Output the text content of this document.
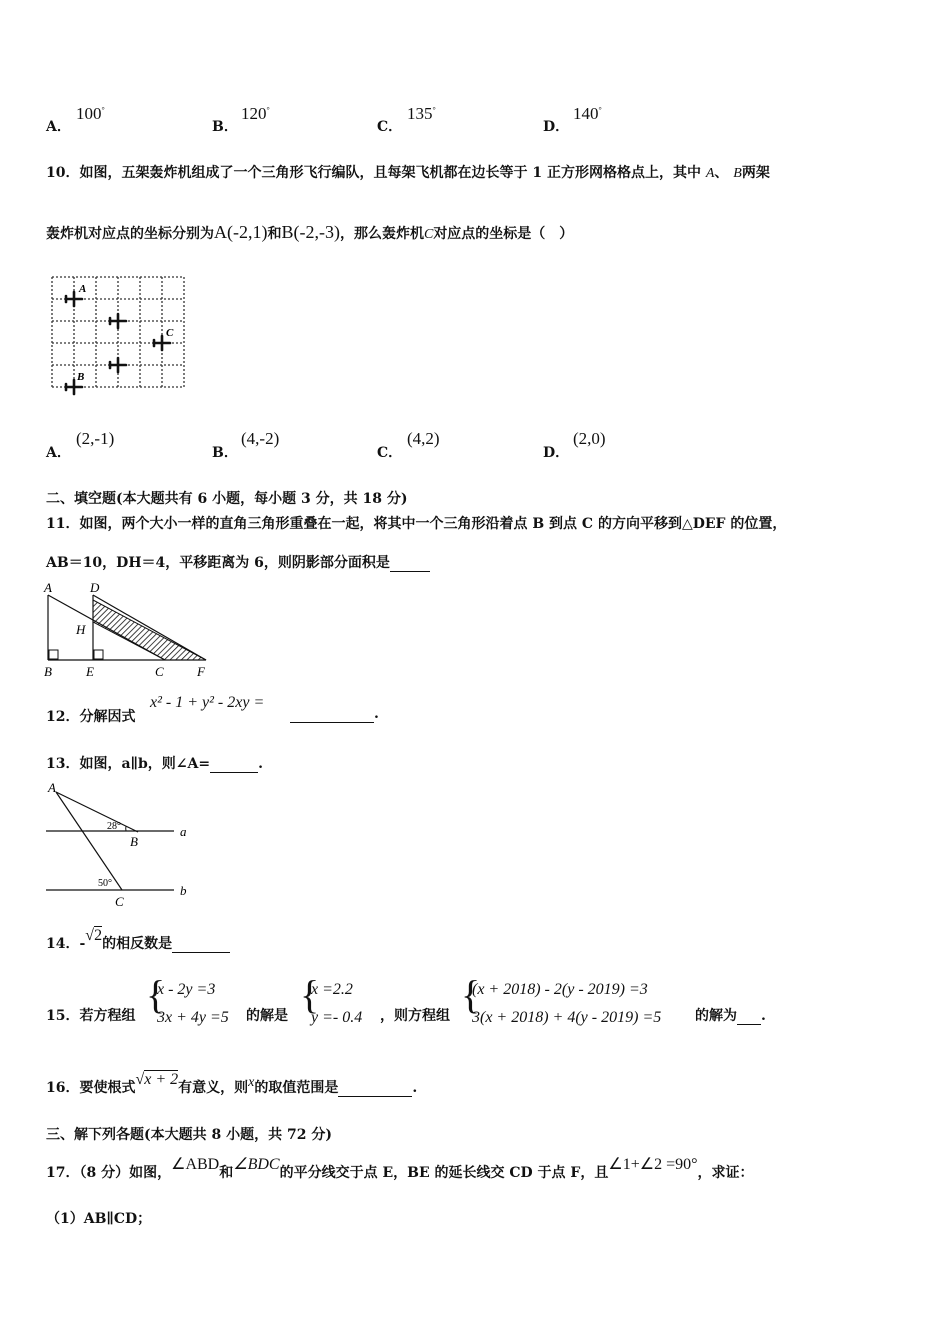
A．
100°
B．
120°
C．
135°
D．
140°
10．如图，五架轰炸机组成了一个三角形飞行编队，且每架飞机都在边长等于 1 正方形网格格点上，其中 A、 B两架
轰炸机对应点的坐标分别为A(-2,1)和B(-2,-3)，那么轰炸机C对应点的坐标是（　）
A
C
B
A．
(2,-1)
B．
(4,-2)
C．
(4,2)
D．
(2,0)
二、填空题(本大题共有 6 小题，每小题 3 分，共 18 分)
11．如图，两个大小一样的直角三角形重叠在一起，将其中一个三角形沿着点 B 到点 C 的方向平移到△DEF 的位置，
AB＝10，DH＝4，平移距离为 6，则阴影部分面积是
A	D
H
B	E	C	F
12．分解因式
x² - 1 + y² - 2xy =
.
13．如图，a∥b，则∠A=	.
A
28°
B
a
50°	b
C
14．-√2的相反数是
15．若方程组 {
x - 2y =3
3x + 4y =5 的解是 {
x =2.2
y =- 0.4 ，则方程组 {
(x + 2018) - 2(y - 2019) =3
3(x + 2018) + 4(y - 2019) =5 的解为 .
16．要使根式√x + 2有意义，则x的取值范围是	.
三、解下列各题(本大题共 8 小题，共 72 分)
17．（8 分）如图，∠ABD和∠BDC的平分线交于点 E，BE 的延长线交 CD 于点 F，且∠1+∠2 =90°，求证：
（1）AB∥CD；
